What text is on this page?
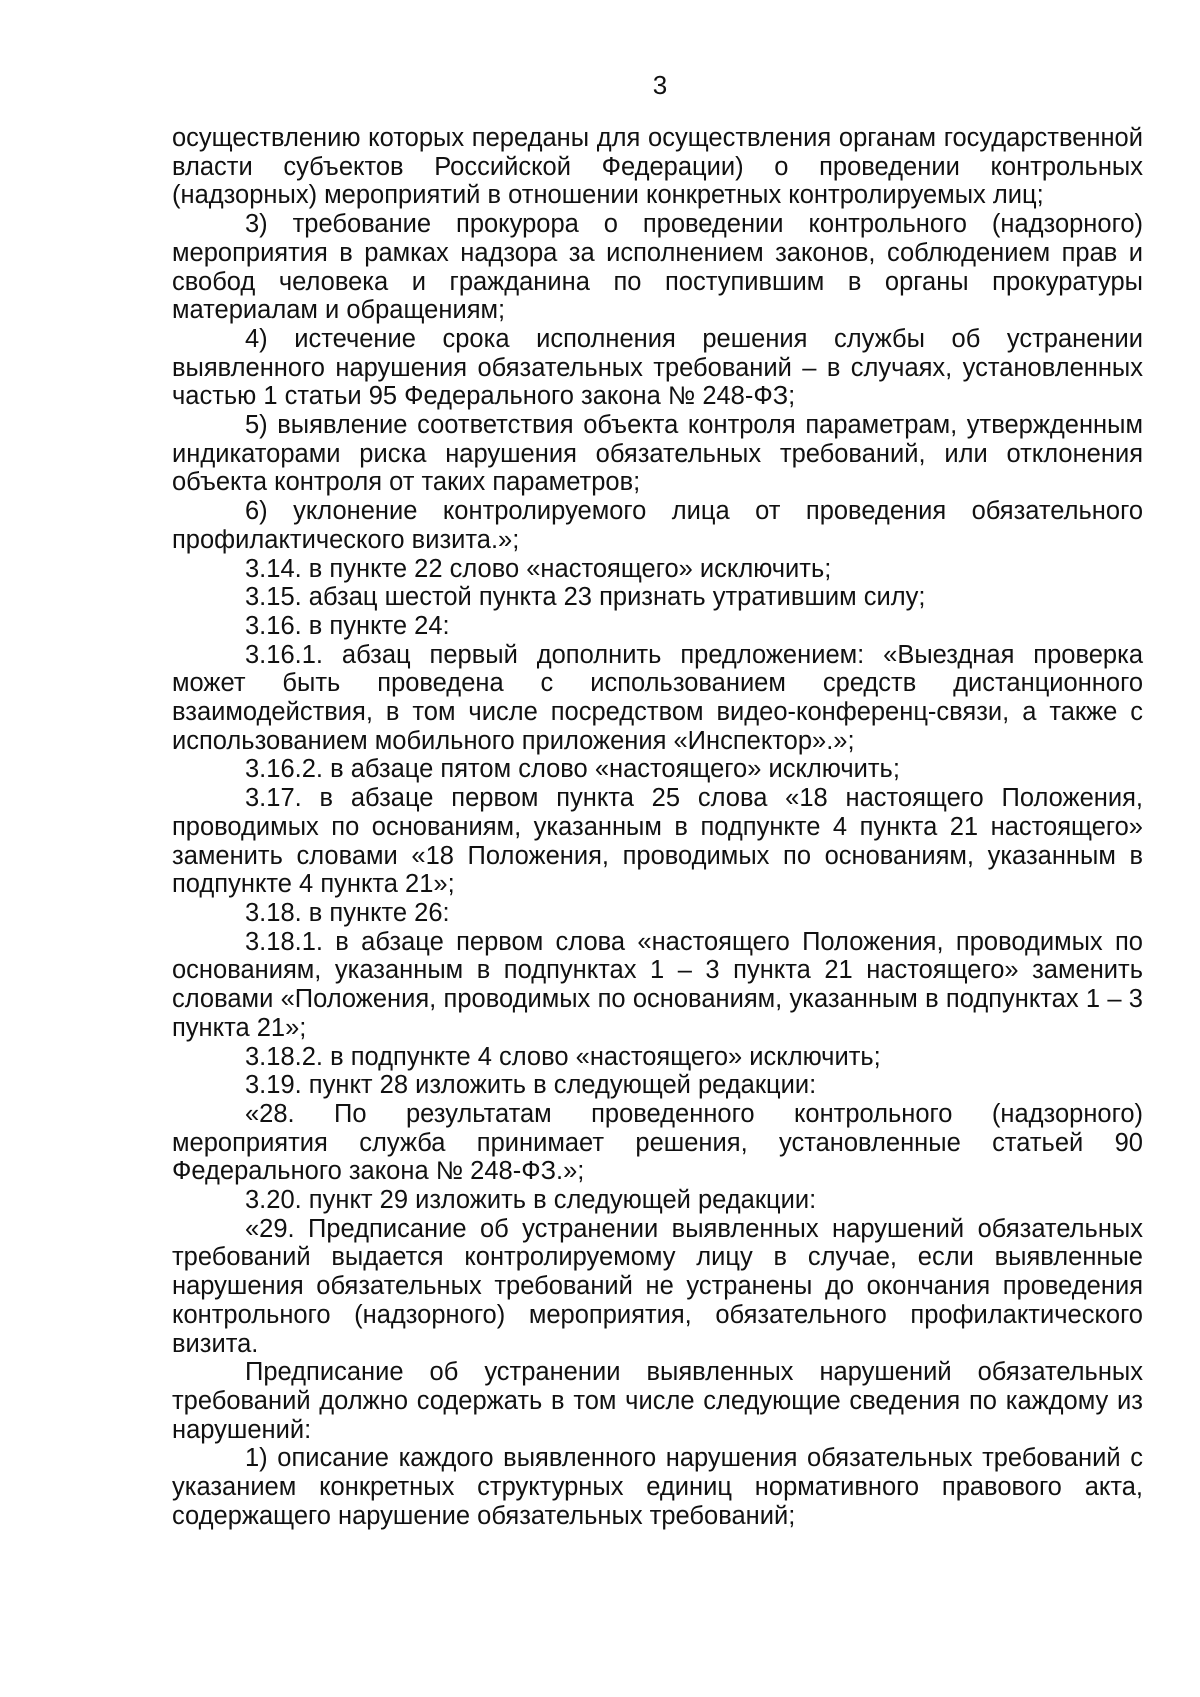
3

осуществлению которых переданы для осуществления органам государственной власти субъектов Российской Федерации) о проведении контрольных (надзорных) мероприятий в отношении конкретных контролируемых лиц;

3) требование прокурора о проведении контрольного (надзорного) мероприятия в рамках надзора за исполнением законов, соблюдением прав и свобод человека и гражданина по поступившим в органы прокуратуры материалам и обращениям;

4) истечение срока исполнения решения службы об устранении выявленного нарушения обязательных требований – в случаях, установленных частью 1 статьи 95 Федерального закона № 248-ФЗ;

5) выявление соответствия объекта контроля параметрам, утвержденным индикаторами риска нарушения обязательных требований, или отклонения объекта контроля от таких параметров;

6) уклонение контролируемого лица от проведения обязательного профилактического визита.»;

3.14. в пункте 22 слово «настоящего» исключить;

3.15. абзац шестой пункта 23 признать утратившим силу;

3.16. в пункте 24:

3.16.1. абзац первый дополнить предложением: «Выездная проверка может быть проведена с использованием средств дистанционного взаимодействия, в том числе посредством видео-конференц-связи, а также с использованием мобильного приложения «Инспектор».»;

3.16.2. в абзаце пятом слово «настоящего» исключить;

3.17. в абзаце первом пункта 25 слова «18 настоящего Положения, проводимых по основаниям, указанным в подпункте 4 пункта 21 настоящего» заменить словами «18 Положения, проводимых по основаниям, указанным в подпункте 4 пункта 21»;

3.18. в пункте 26:

3.18.1. в абзаце первом слова «настоящего Положения, проводимых по основаниям, указанным в подпунктах 1 – 3 пункта 21 настоящего» заменить словами «Положения, проводимых по основаниям, указанным в подпунктах 1 – 3 пункта 21»;

3.18.2. в подпункте 4 слово «настоящего» исключить;

3.19. пункт 28 изложить в следующей редакции:

«28. По результатам проведенного контрольного (надзорного) мероприятия служба принимает решения, установленные статьей 90 Федерального закона № 248-ФЗ.»;

3.20. пункт 29 изложить в следующей редакции:

«29. Предписание об устранении выявленных нарушений обязательных требований выдается контролируемому лицу в случае, если выявленные нарушения обязательных требований не устранены до окончания проведения контрольного (надзорного) мероприятия, обязательного профилактического визита.

Предписание об устранении выявленных нарушений обязательных требований должно содержать в том числе следующие сведения по каждому из нарушений:

1) описание каждого выявленного нарушения обязательных требований с указанием конкретных структурных единиц нормативного правового акта, содержащего нарушение обязательных требований;
